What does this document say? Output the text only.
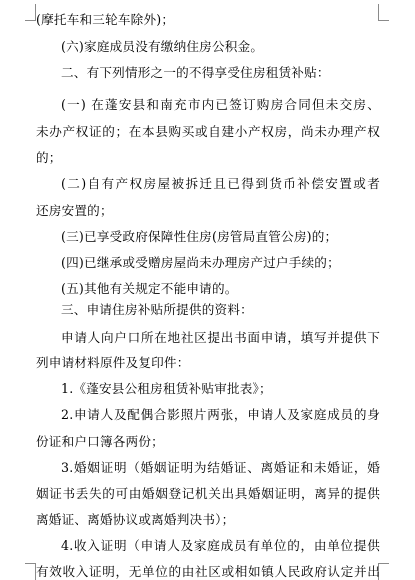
(摩托车和三轮车除外)；
(六)家庭成员没有缴纳住房公积金。
二、有下列情形之一的不得享受住房租赁补贴：
(一) 在蓬安县和南充市内已签订购房合同但未交房、
未办产权证的；在本县购买或自建小产权房，尚未办理产权
的；
(二)自有产权房屋被拆迁且已得到货币补偿安置或者
还房安置的；
(三)已享受政府保障性住房(房管局直管公房)的；
(四)已继承或受赠房屋尚未办理房产过户手续的；
(五)其他有关规定不能申请的。
三、申请住房补贴所提供的资料：
申请人向户口所在地社区提出书面申请，填写并提供下
列申请材料原件及复印件：
1.《蓬安县公租房租赁补贴审批表》；
2.申请人及配偶合影照片两张，申请人及家庭成员的身
份证和户口簿各两份；
3.婚姻证明（婚姻证明为结婚证、离婚证和未婚证，婚
姻证书丢失的可由婚姻登记机关出具婚姻证明，离异的提供
离婚证、离婚协议或离婚判决书）；
4.收入证明（申请人及家庭成员有单位的，由单位提供
有效收入证明，无单位的由社区或相如镇人民政府认定并出
